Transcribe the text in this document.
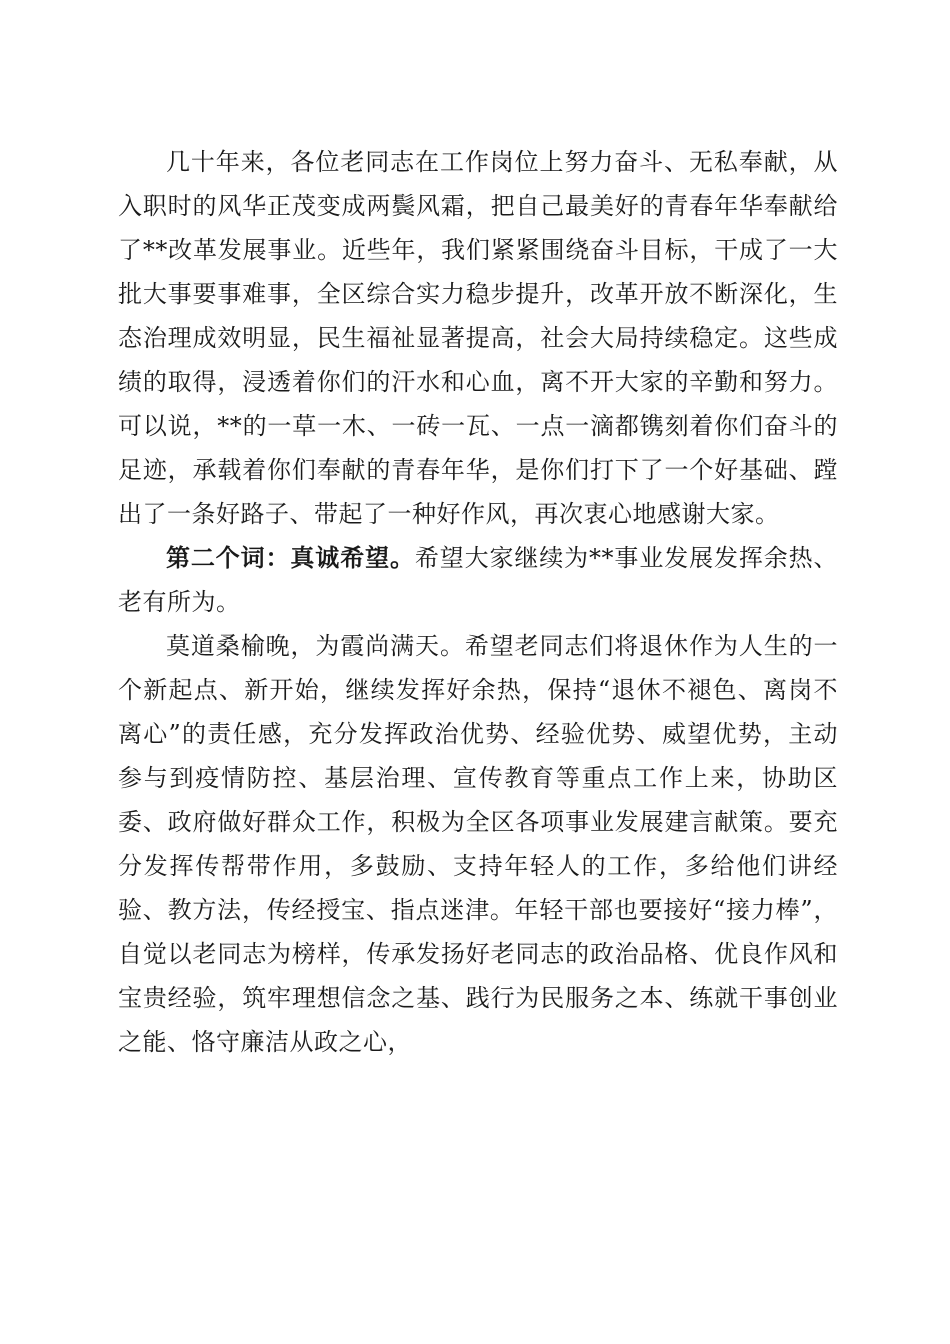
几十年来，各位老同志在工作岗位上努力奋斗、无私奉献，从入职时的风华正茂变成两鬓风霜，把自己最美好的青春年华奉献给了**改革发展事业。近些年，我们紧紧围绕奋斗目标，干成了一大批大事要事难事，全区综合实力稳步提升，改革开放不断深化，生态治理成效明显，民生福祉显著提高，社会大局持续稳定。这些成绩的取得，浸透着你们的汗水和心血，离不开大家的辛勤和努力。可以说，**的一草一木、一砖一瓦、一点一滴都镌刻着你们奋斗的足迹，承载着你们奉献的青春年华，是你们打下了一个好基础、蹚出了一条好路子、带起了一种好作风，再次衷心地感谢大家。

第二个词：真诚希望。希望大家继续为**事业发展发挥余热、老有所为。

莫道桑榆晚，为霞尚满天。希望老同志们将退休作为人生的一个新起点、新开始，继续发挥好余热，保持“退休不褪色、离岗不离心”的责任感，充分发挥政治优势、经验优势、威望优势，主动参与到疫情防控、基层治理、宣传教育等重点工作上来，协助区委、政府做好群众工作，积极为全区各项事业发展建言献策。要充分发挥传帮带作用，多鼓励、支持年轻人的工作，多给他们讲经验、教方法，传经授宝、指点迷津。年轻干部也要接好“接力棒”，自觉以老同志为榜样，传承发扬好老同志的政治品格、优良作风和宝贵经验，筑牢理想信念之基、践行为民服务之本、练就干事创业之能、恪守廉洁从政之心，
